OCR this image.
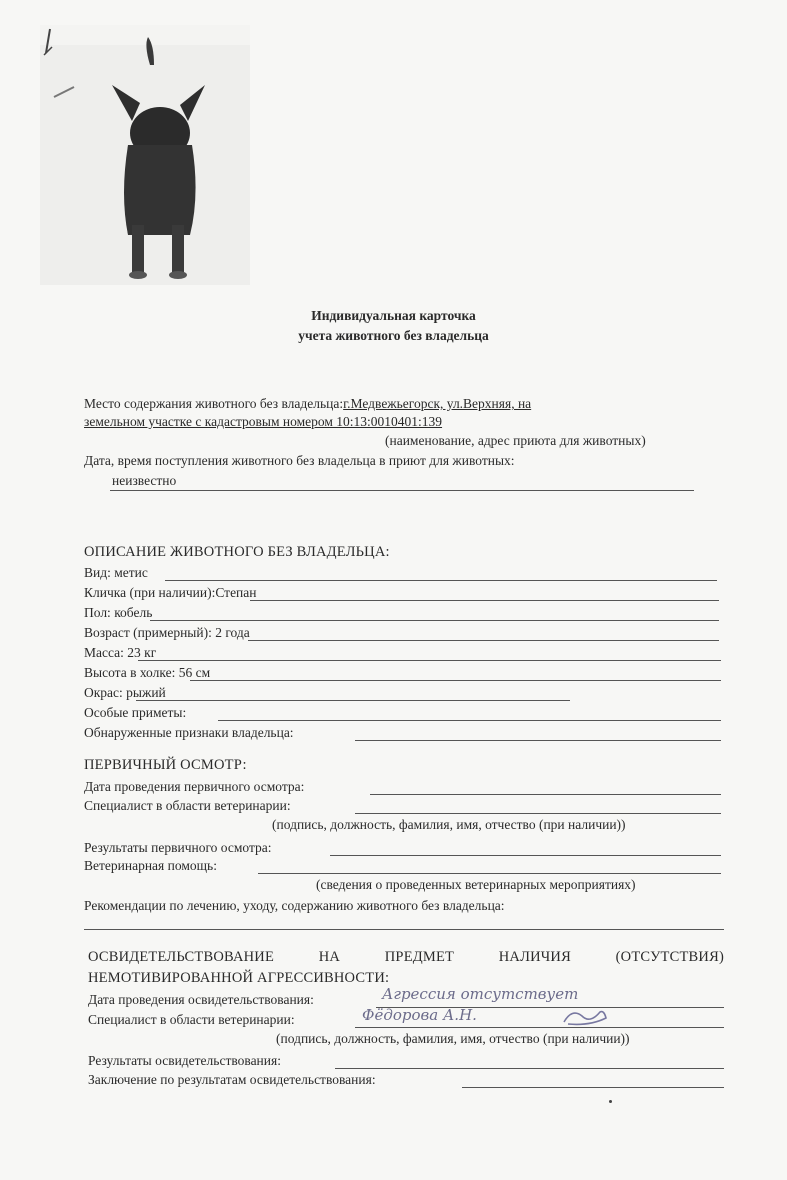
Индивидуальная карточка
учета животного без владельца
Место содержания животного без владельца:г.Медвежьегорск, ул.Верхняя, на
земельном участке с кадастровым номером 10:13:0010401:139
(наименование, адрес приюта для животных)
Дата, время поступления животного без владельца в приют для животных:
неизвестно
ОПИСАНИЕ ЖИВОТНОГО БЕЗ ВЛАДЕЛЬЦА:
Вид: метис
Кличка (при наличии):Степан
Пол: кобель
Возраст (примерный): 2 года
Масса: 23 кг
Высота в холке: 56 см
Окрас: рыжий
Особые приметы:
Обнаруженные признаки владельца:
ПЕРВИЧНЫЙ ОСМОТР:
Дата проведения первичного осмотра:
Специалист в области ветеринарии:
(подпись, должность, фамилия, имя, отчество (при наличии))
Результаты первичного осмотра:
Ветеринарная помощь:
(сведения о проведенных ветеринарных мероприятиях)
Рекомендации по лечению, уходу, содержанию животного без владельца:
ОСВИДЕТЕЛЬСТВОВАНИЕ	НА	ПРЕДМЕТ	НАЛИЧИЯ	(ОТСУТСТВИЯ)
НЕМОТИВИРОВАННОЙ АГРЕССИВНОСТИ:
Дата проведения освидетельствования:	Агрессия отсутствует
Специалист в области ветеринарии:	Фёдорова А.Н.
(подпись, должность, фамилия, имя, отчество (при наличии))
Результаты освидетельствования:
Заключение по результатам освидетельствования:
